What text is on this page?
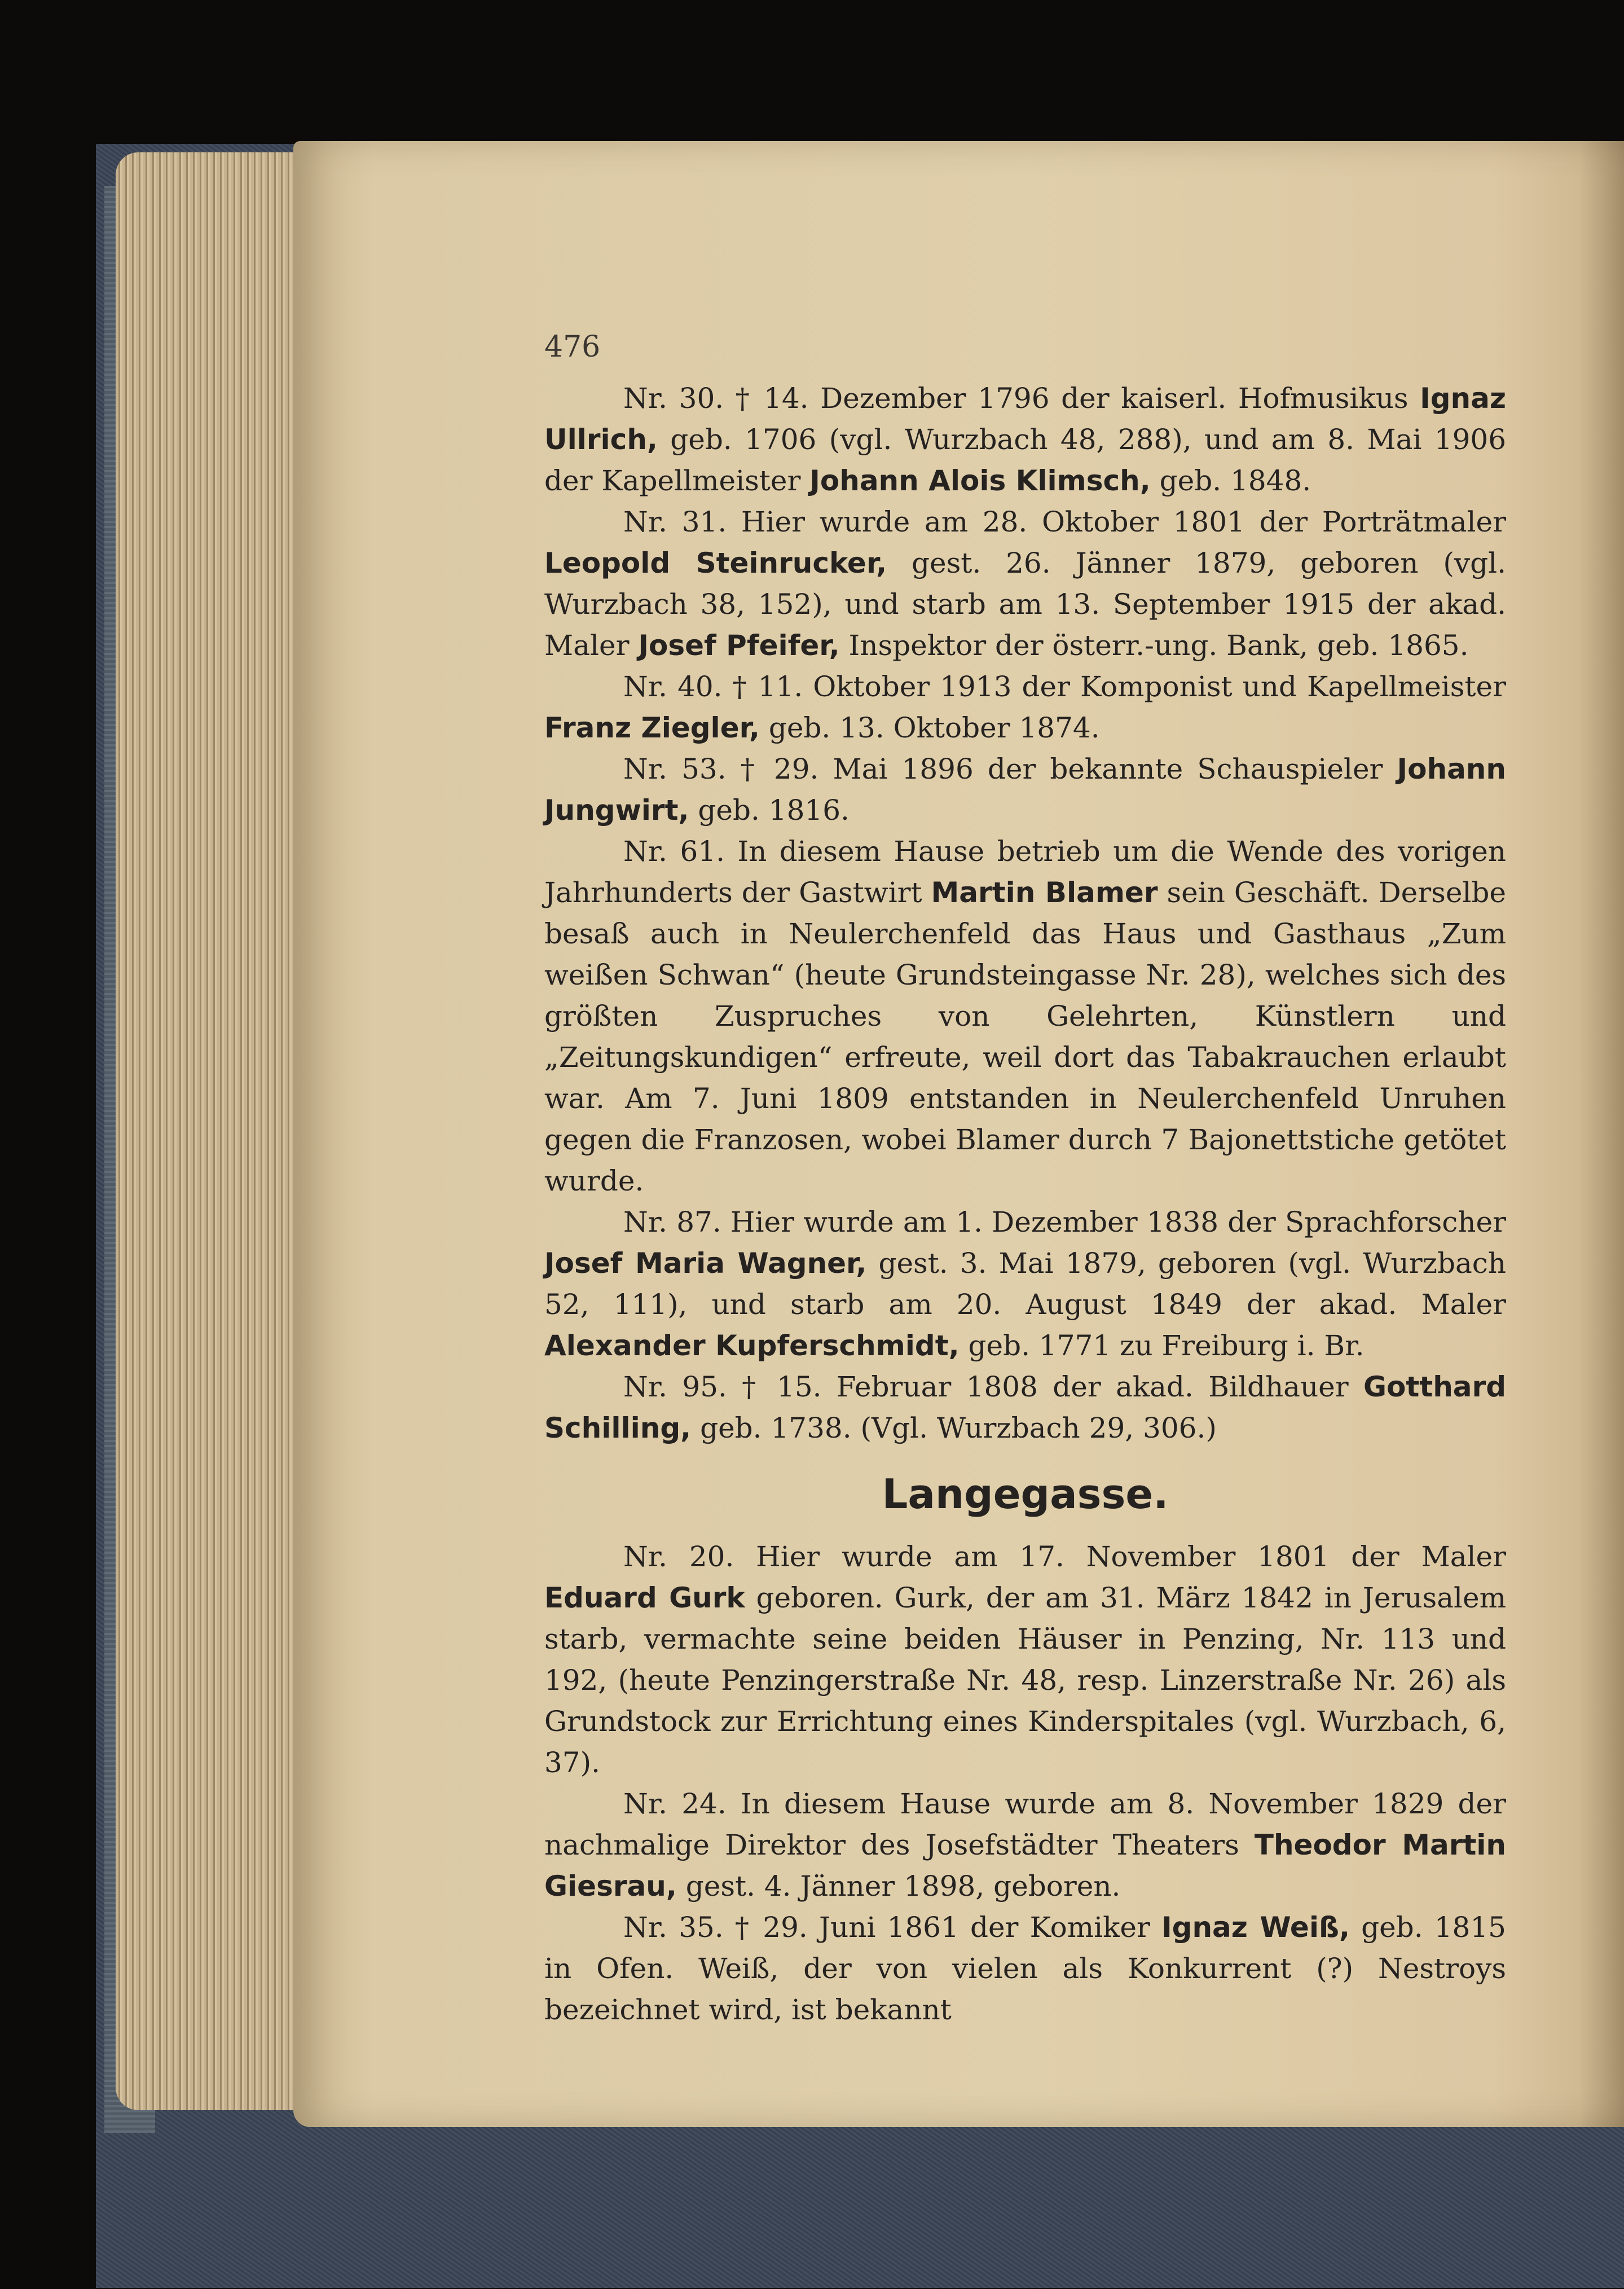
476

Nr. 30. † 14. Dezember 1796 der kaiserl. Hofmusikus Ignaz Ullrich, geb. 1706 (vgl. Wurzbach 48, 288), und am 8. Mai 1906 der Kapellmeister Johann Alois Klimsch, geb. 1848.

Nr. 31. Hier wurde am 28. Oktober 1801 der Porträtmaler Leopold Steinrucker, gest. 26. Jänner 1879, geboren (vgl. Wurzbach 38, 152), und starb am 13. September 1915 der akad. Maler Josef Pfeifer, Inspektor der österr.-ung. Bank, geb. 1865.

Nr. 40. † 11. Oktober 1913 der Komponist und Kapellmeister Franz Ziegler, geb. 13. Oktober 1874.

Nr. 53. † 29. Mai 1896 der bekannte Schauspieler Johann Jungwirt, geb. 1816.

Nr. 61. In diesem Hause betrieb um die Wende des vorigen Jahrhunderts der Gastwirt Martin Blamer sein Geschäft. Derselbe besaß auch in Neulerchenfeld das Haus und Gasthaus „Zum weißen Schwan“ (heute Grundsteingasse Nr. 28), welches sich des größten Zuspruches von Gelehrten, Künstlern und „Zeitungskundigen“ erfreute, weil dort das Tabakrauchen erlaubt war. Am 7. Juni 1809 entstanden in Neulerchenfeld Unruhen gegen die Franzosen, wobei Blamer durch 7 Bajonettstiche getötet wurde.

Nr. 87. Hier wurde am 1. Dezember 1838 der Sprachforscher Josef Maria Wagner, gest. 3. Mai 1879, geboren (vgl. Wurzbach 52, 111), und starb am 20. August 1849 der akad. Maler Alexander Kupferschmidt, geb. 1771 zu Freiburg i. Br.

Nr. 95. † 15. Februar 1808 der akad. Bildhauer Gotthard Schilling, geb. 1738. (Vgl. Wurzbach 29, 306.)

Langegasse.

Nr. 20. Hier wurde am 17. November 1801 der Maler Eduard Gurk geboren. Gurk, der am 31. März 1842 in Jerusalem starb, vermachte seine beiden Häuser in Penzing, Nr. 113 und 192, (heute Penzingerstraße Nr. 48, resp. Linzerstraße Nr. 26) als Grundstock zur Errichtung eines Kinderspitales (vgl. Wurzbach, 6, 37).

Nr. 24. In diesem Hause wurde am 8. November 1829 der nachmalige Direktor des Josefstädter Theaters Theodor Martin Giesrau, gest. 4. Jänner 1898, geboren.

Nr. 35. † 29. Juni 1861 der Komiker Ignaz Weiß, geb. 1815 in Ofen. Weiß, der von vielen als Konkurrent (?) Nestroys bezeichnet wird, ist bekannt
